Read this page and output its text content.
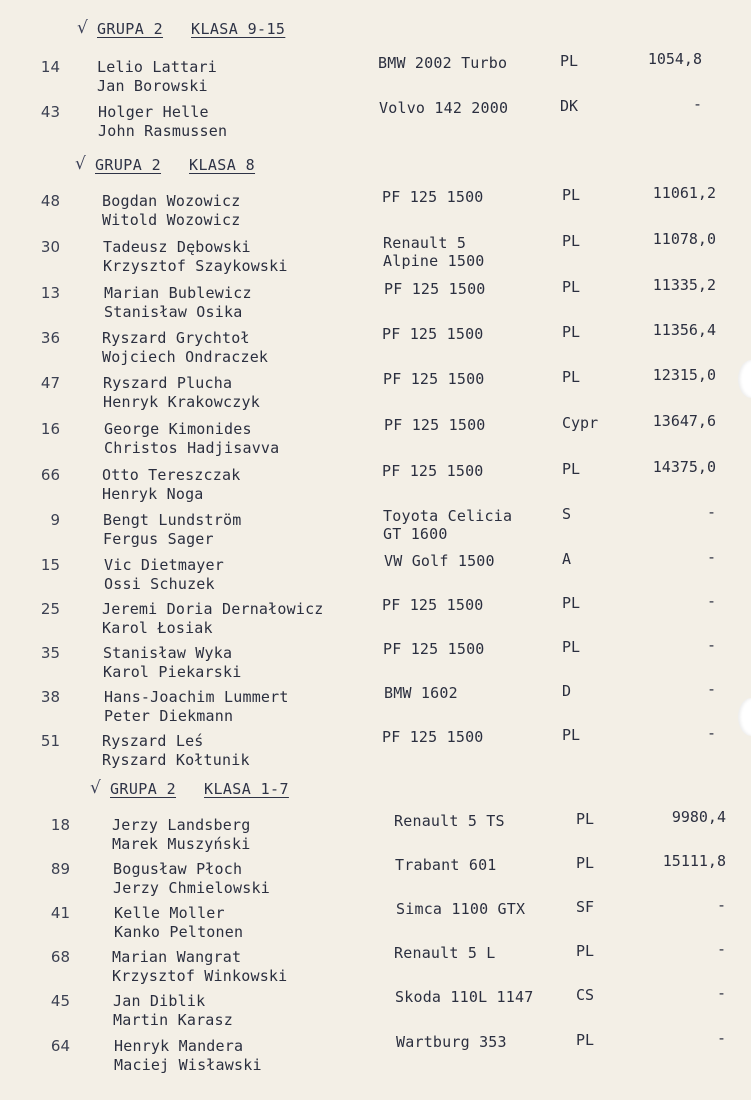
√ GRUPA 2 KLASA 9-15
14 Lelio Lattari
Jan Borowski
BMW 2002 Turbo	PL	1054,8
43	Holger Helle
John Rasmussen
Volvo 142 2000	DK	-
√ GRUPA 2 KLASA 8
48	Bogdan Wozowicz
Witold Wozowicz
PF 125 1500	PL	11061,2
30	Tadeusz Dębowski
Krzysztof Szaykowski
Renault 5
Alpine 1500
PL	11078,0
13	Marian Bublewicz
Stanisław Osika
PF 125 1500	PL	11335,2
36	Ryszard Grychtoł
Wojciech Ondraczek
PF 125 1500	PL	11356,4
47	Ryszard Plucha
Henryk Krakowczyk
PF 125 1500	PL	12315,0
16	George Kimonides
Christos Hadjisavva
PF 125 1500	Cypr	13647,6
66	Otto Tereszczak
Henryk Noga
PF 125 1500	PL	14375,0
9	Bengt Lundström
Fergus Sager
Toyota Celicia
GT 1600
S	-
15	Vic Dietmayer
Ossi Schuzek
VW Golf 1500	A	-
25	Jeremi Doria Dernałowicz
Karol Łosiak
PF 125 1500	PL	-
35	Stanisław Wyka
Karol Piekarski
PF 125 1500	PL	-
38	Hans-Joachim Lummert
Peter Diekmann
BMW 1602	D	-
51	Ryszard Leś
Ryszard Kołtunik
PF 125 1500	PL	-
√ GRUPA 2 KLASA 1-7
18	Jerzy Landsberg
Marek Muszyński
Renault 5 TS	PL	9980,4
89	Bogusław Płoch
Jerzy Chmielowski
Trabant 601	PL	15111,8
41	Kelle Moller
Kanko Peltonen
Simca 1100 GTX	SF	-
68	Marian Wangrat
Krzysztof Winkowski
Renault 5 L	PL	-
45	Jan Diblik
Martin Karasz
Skoda 110L 1147	CS	-
64	Henryk Mandera
Maciej Wisławski
Wartburg 353	PL	-
